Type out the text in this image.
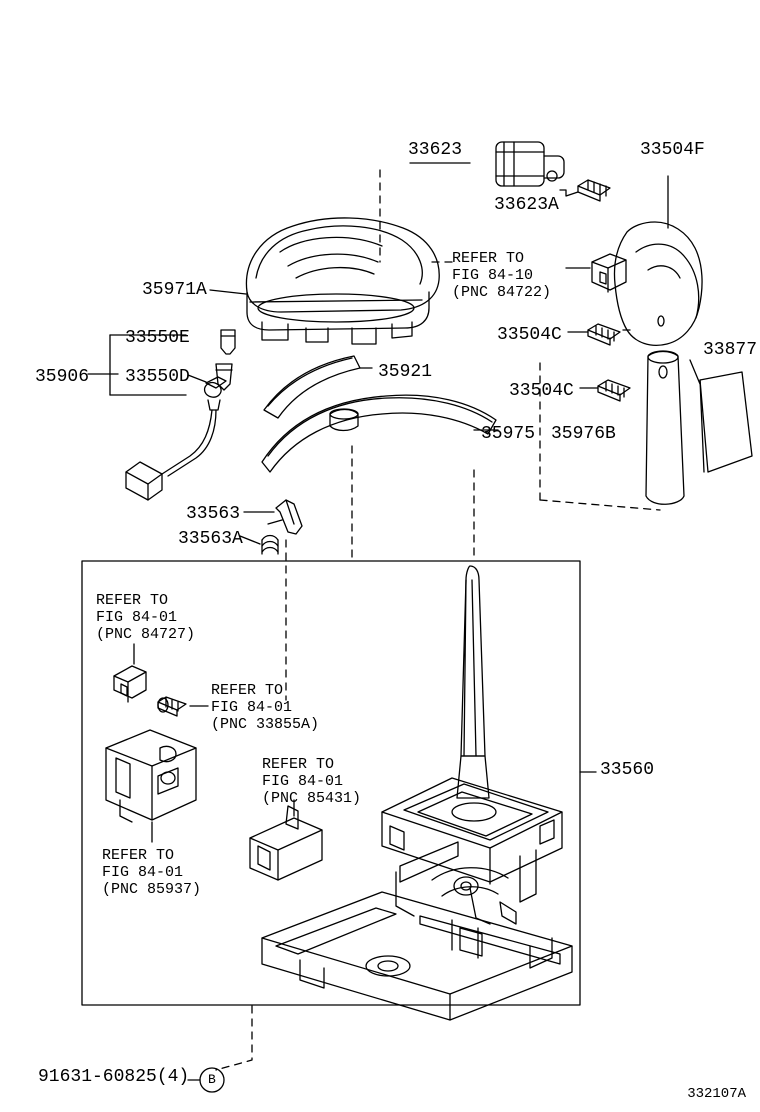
33623	33504F
33623A
35971A
33504C
33877
33550E
35921
33504C
35906 33550D
35975 35976B
33563
33563A
33560
91631-60825(4) B
REFER TO
FIG 84-10
(PNC 84722)
REFER TO
FIG 84-01
(PNC 84727)
REFER TO
FIG 84-01
(PNC 33855A)
REFER TO
FIG 84-01
(PNC 85431)
REFER TO
FIG 84-01
(PNC 85937)
332107A
